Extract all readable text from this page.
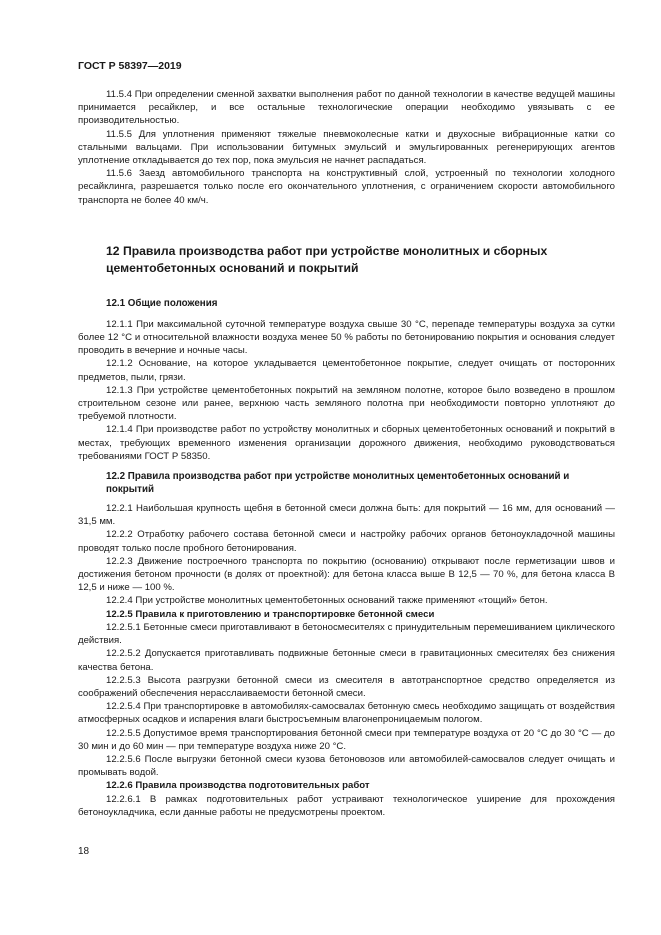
ГОСТ Р 58397—2019

11.5.4 При определении сменной захватки выполнения работ по данной технологии в качестве ведущей машины принимается ресайклер, и все остальные технологические операции необходимо увязывать с ее производительностью.

11.5.5 Для уплотнения применяют тяжелые пневмоколесные катки и двухосные вибрационные катки со стальными вальцами. При использовании битумных эмульсий и эмульгированных регенерирующих агентов уплотнение откладывается до тех пор, пока эмульсия не начнет распадаться.

11.5.6 Заезд автомобильного транспорта на конструктивный слой, устроенный по технологии холодного ресайклинга, разрешается только после его окончательного уплотнения, с ограничением скорости автомобильного транспорта не более 40 км/ч.

12 Правила производства работ при устройстве монолитных и сборных цементобетонных оснований и покрытий
12.1 Общие положения

12.1.1 При максимальной суточной температуре воздуха свыше 30 °С, перепаде температуры воздуха за сутки более 12 °С и относительной влажности воздуха менее 50 % работы по бетонированию покрытия и основания следует проводить в вечерние и ночные часы.

12.1.2 Основание, на которое укладывается цементобетонное покрытие, следует очищать от посторонних предметов, пыли, грязи.

12.1.3 При устройстве цементобетонных покрытий на земляном полотне, которое было возведено в прошлом строительном сезоне или ранее, верхнюю часть земляного полотна при необходимости повторно уплотняют до требуемой плотности.

12.1.4 При производстве работ по устройству монолитных и сборных цементобетонных оснований и покрытий в местах, требующих временного изменения организации дорожного движения, необходимо руководствоваться требованиями ГОСТ Р 58350.

12.2 Правила производства работ при устройстве монолитных цементобетонных оснований и покрытий

12.2.1 Наибольшая крупность щебня в бетонной смеси должна быть: для покрытий — 16 мм, для оснований — 31,5 мм.

12.2.2 Отработку рабочего состава бетонной смеси и настройку рабочих органов бетоноукладочной машины проводят только после пробного бетонирования.

12.2.3 Движение построечного транспорта по покрытию (основанию) открывают после герметизации швов и достижения бетоном прочности (в долях от проектной): для бетона класса выше В 12,5 — 70 %, для бетона класса В 12,5 и ниже — 100 %.

12.2.4 При устройстве монолитных цементобетонных оснований также применяют «тощий» бетон.

12.2.5 Правила к приготовлению и транспортировке бетонной смеси

12.2.5.1 Бетонные смеси приготавливают в бетоносмесителях с принудительным перемешиванием циклического действия.

12.2.5.2 Допускается приготавливать подвижные бетонные смеси в гравитационных смесителях без снижения качества бетона.

12.2.5.3 Высота разгрузки бетонной смеси из смесителя в автотранспортное средство определяется из соображений обеспечения нерасслаиваемости бетонной смеси.

12.2.5.4 При транспортировке в автомобилях-самосвалах бетонную смесь необходимо защищать от воздействия атмосферных осадков и испарения влаги быстросъемным влагонепроницаемым пологом.

12.2.5.5 Допустимое время транспортирования бетонной смеси при температуре воздуха от 20 °С до 30 °С — до 30 мин и до 60 мин — при температуре воздуха ниже 20 °С.

12.2.5.6 После выгрузки бетонной смеси кузова бетоновозов или автомобилей-самосвалов следует очищать и промывать водой.

12.2.6 Правила производства подготовительных работ

12.2.6.1 В рамках подготовительных работ устраивают технологическое уширение для прохождения бетоноукладчика, если данные работы не предусмотрены проектом.

18
